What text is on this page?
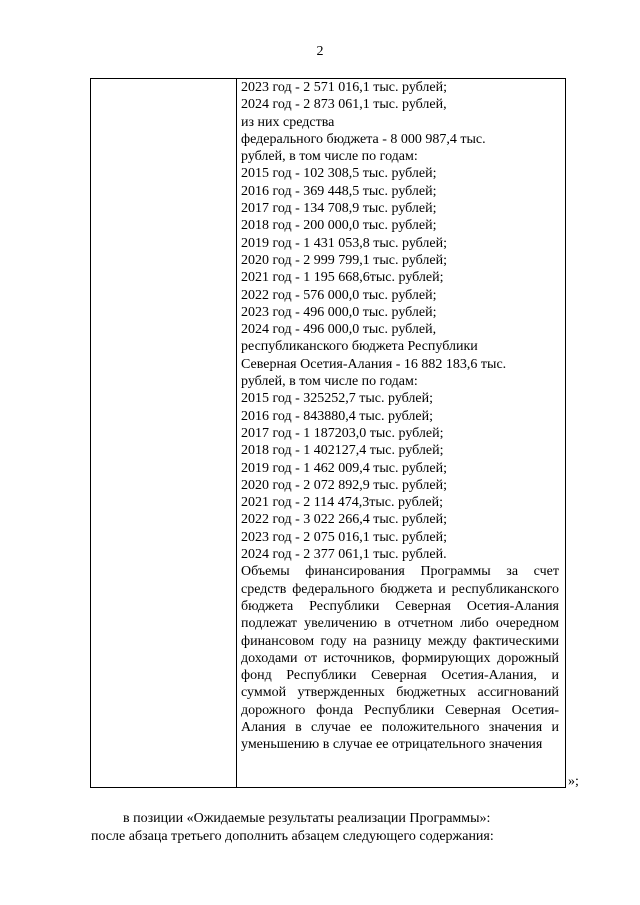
2
2023 год - 2 571 016,1 тыс. рублей;
2024 год - 2 873 061,1 тыс. рублей,
из них средства
федерального бюджета - 8 000 987,4 тыс.
рублей, в том числе по годам:
2015 год - 102 308,5 тыс. рублей;
2016 год - 369 448,5 тыс. рублей;
2017 год - 134 708,9 тыс. рублей;
2018 год - 200 000,0 тыс. рублей;
2019 год - 1 431 053,8 тыс. рублей;
2020 год - 2 999 799,1 тыс. рублей;
2021 год - 1 195 668,6тыс. рублей;
2022 год - 576 000,0 тыс. рублей;
2023 год - 496 000,0 тыс. рублей;
2024 год - 496 000,0 тыс. рублей,
республиканского бюджета Республики
Северная Осетия-Алания - 16 882 183,6 тыс.
рублей, в том числе по годам:
2015 год - 325252,7 тыс. рублей;
2016 год - 843880,4 тыс. рублей;
2017 год - 1 187203,0 тыс. рублей;
2018 год - 1 402127,4 тыс. рублей;
2019 год - 1 462 009,4 тыс. рублей;
2020 год - 2 072 892,9 тыс. рублей;
2021 год - 2 114 474,3тыс. рублей;
2022 год - 3 022 266,4 тыс. рублей;
2023 год - 2 075 016,1 тыс. рублей;
2024 год - 2 377 061,1 тыс. рублей.
Объемы финансирования Программы за счет средств федерального бюджета и республиканского бюджета Республики Северная Осетия-Алания подлежат увеличению в отчетном либо очередном финансовом году на разницу между фактическими доходами от источников, формирующих дорожный фонд Республики Северная Осетия-Алания, и суммой утвержденных бюджетных ассигнований дорожного фонда Республики Северная Осетия-Алания в случае ее положительного значения и уменьшению в случае ее отрицательного значения
»;
в позиции «Ожидаемые результаты реализации Программы»:
после абзаца третьего дополнить абзацем следующего содержания:
